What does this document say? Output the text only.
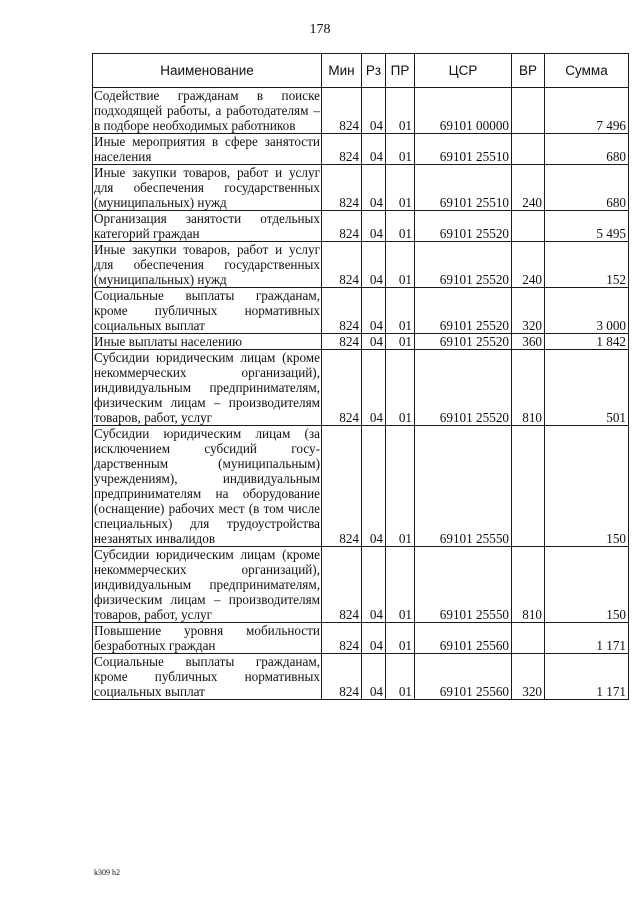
178
Наименование	Мин	Рз	ПР	ЦСР	ВР	Сумма
Содействие гражданам в поиске подходящей работы, а работодателям – в подборе необходимых работников	824	04	01	69101 00000		7 496
Иные мероприятия в сфере занятости населения	824	04	01	69101 25510		680
Иные закупки товаров, работ и услуг для обеспечения государственных (муниципальных) нужд	824	04	01	69101 25510	240	680
Организация занятости отдельных категорий граждан	824	04	01	69101 25520		5 495
Иные закупки товаров, работ и услуг для обеспечения государственных (муниципальных) нужд	824	04	01	69101 25520	240	152
Социальные выплаты гражданам, кроме публичных нормативных социальных выплат	824	04	01	69101 25520	320	3 000
Иные выплаты населению	824	04	01	69101 25520	360	1 842
Субсидии юридическим лицам (кроме некоммерческих организаций), индивидуальным предпринимателям, физическим лицам – производителям товаров, работ, услуг	824	04	01	69101 25520	810	501
Субсидии юридическим лицам (за исключением субсидий государственным (муниципальным) учреждениям), индивидуальным предпринимателям на оборудование (оснащение) рабочих мест (в том числе специальных) для трудоустройства незанятых инвалидов	824	04	01	69101 25550		150
Субсидии юридическим лицам (кроме некоммерческих организаций), индивидуальным предпринимателям, физическим лицам – производителям товаров, работ, услуг	824	04	01	69101 25550	810	150
Повышение уровня мобильности безработных граждан	824	04	01	69101 25560		1 171
Социальные выплаты гражданам, кроме публичных нормативных социальных выплат	824	04	01	69101 25560	320	1 171
k309 h2
